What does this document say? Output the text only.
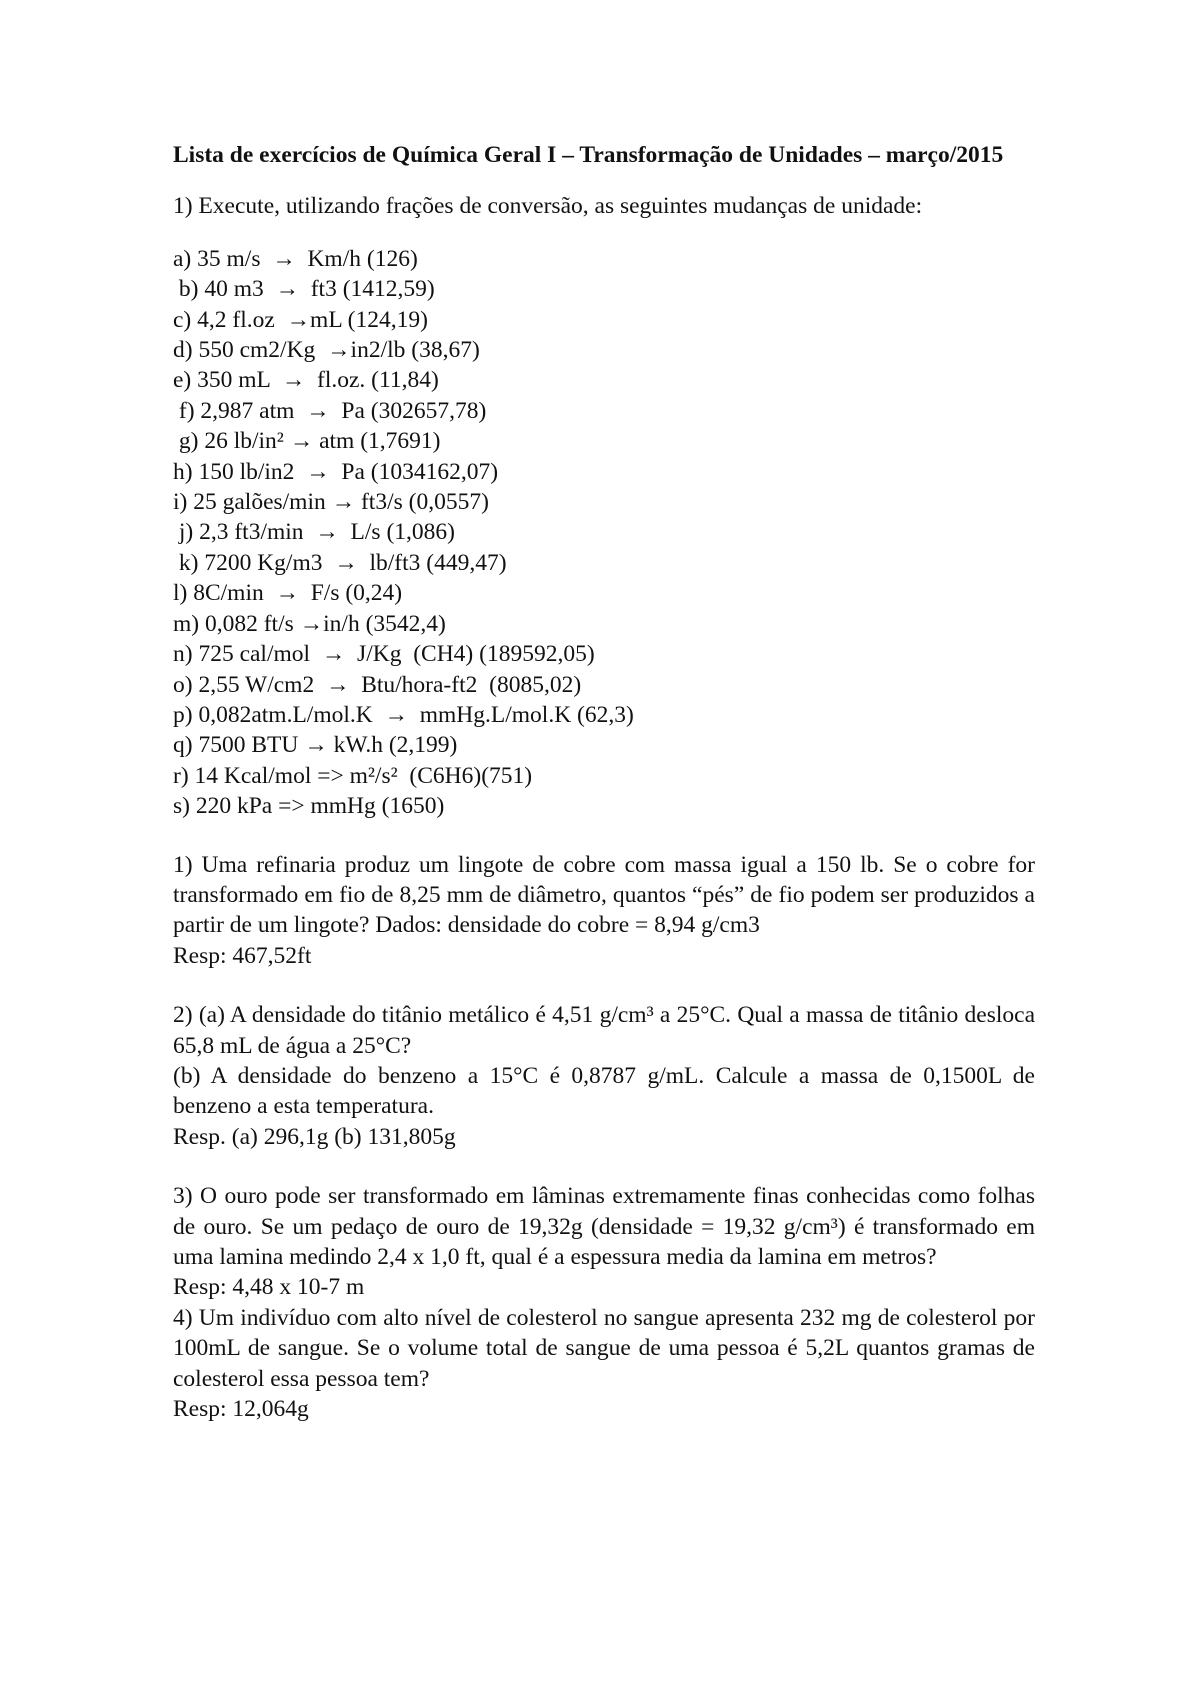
Lista de exercícios de Química Geral I – Transformação de Unidades – março/2015

1) Execute, utilizando frações de conversão, as seguintes mudanças de unidade:
a) 35 m/s  →  Km/h (126)
b) 40 m3  →  ft3 (1412,59)
c) 4,2 fl.oz  →mL (124,19)
d) 550 cm2/Kg  →in2/lb (38,67)
e) 350 mL  →  fl.oz. (11,84)
f) 2,987 atm  →  Pa (302657,78)
g) 26 lb/in² → atm (1,7691)
h) 150 lb/in2  →  Pa (1034162,07)
i) 25 galões/min → ft3/s (0,0557)
j) 2,3 ft3/min  →  L/s (1,086)
k) 7200 Kg/m3  →  lb/ft3 (449,47)
l) 8C/min  →  F/s (0,24)
m) 0,082 ft/s →in/h (3542,4)
n) 725 cal/mol  →  J/Kg  (CH4) (189592,05)
o) 2,55 W/cm2  →  Btu/hora-ft2  (8085,02)
p) 0,082atm.L/mol.K  →  mmHg.L/mol.K (62,3)
q) 7500 BTU → kW.h (2,199)
r) 14 Kcal/mol => m²/s²  (C6H6)(751)
s) 220 kPa => mmHg (1650)

1) Uma refinaria produz um lingote de cobre com massa igual a 150 lb. Se o cobre for transformado em fio de 8,25 mm de diâmetro, quantos “pés” de fio podem ser produzidos a partir de um lingote? Dados: densidade do cobre = 8,94 g/cm3

Resp: 467,52ft

2) (a) A densidade do titânio metálico é 4,51 g/cm³ a 25°C. Qual a massa de titânio desloca 65,8 mL de água a 25°C?

(b) A densidade do benzeno a 15°C é 0,8787 g/mL. Calcule a massa de 0,1500L de benzeno a esta temperatura.

Resp. (a) 296,1g (b) 131,805g

3) O ouro pode ser transformado em lâminas extremamente finas conhecidas como folhas de ouro. Se um pedaço de ouro de 19,32g (densidade = 19,32 g/cm³) é transformado em uma lamina medindo 2,4 x 1,0 ft, qual é a espessura media da lamina em metros?

Resp: 4,48 x 10-7 m

4) Um indivíduo com alto nível de colesterol no sangue apresenta 232 mg de colesterol por 100mL de sangue. Se o volume total de sangue de uma pessoa é 5,2L quantos gramas de colesterol essa pessoa tem?

Resp: 12,064g
